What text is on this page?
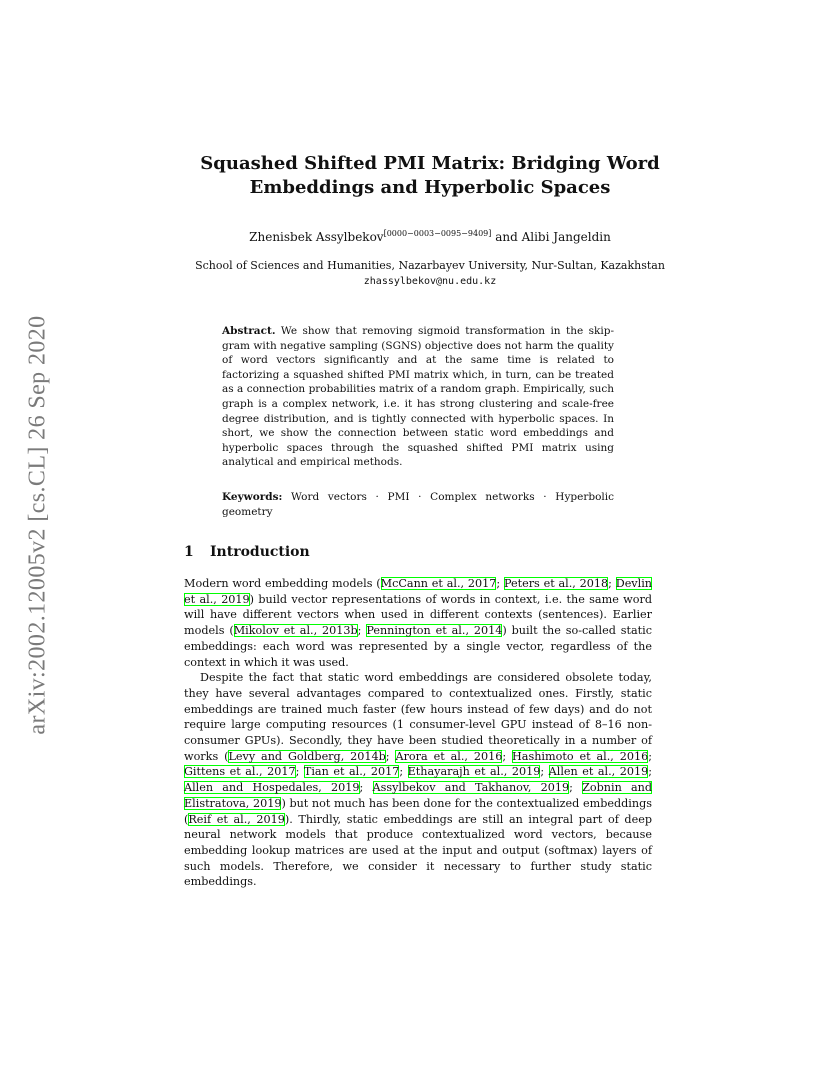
arXiv:2002.12005v2 [cs.CL] 26 Sep 2020
Squashed Shifted PMI Matrix: Bridging Word
Embeddings and Hyperbolic Spaces
Zhenisbek Assylbekov[0000−0003−0095−9409] and Alibi Jangeldin
School of Sciences and Humanities, Nazarbayev University, Nur-Sultan, Kazakhstan
zhassylbekov@nu.edu.kz
Abstract. We show that removing sigmoid transformation in the skip-gram with negative sampling (SGNS) objective does not harm the quality of word vectors significantly and at the same time is related to factorizing a squashed shifted PMI matrix which, in turn, can be treated as a connection probabilities matrix of a random graph. Empirically, such graph is a complex network, i.e. it has strong clustering and scale-free degree distribution, and is tightly connected with hyperbolic spaces. In short, we show the connection between static word embeddings and hyperbolic spaces through the squashed shifted PMI matrix using analytical and empirical methods.
Keywords: Word vectors · PMI · Complex networks · Hyperbolic geometry
1 Introduction

Modern word embedding models (McCann et al., 2017; Peters et al., 2018; Devlin et al., 2019) build vector representations of words in context, i.e. the same word will have different vectors when used in different contexts (sentences). Earlier models (Mikolov et al., 2013b; Pennington et al., 2014) built the so-called static embeddings: each word was represented by a single vector, regardless of the context in which it was used.

Despite the fact that static word embeddings are considered obsolete today, they have several advantages compared to contextualized ones. Firstly, static embeddings are trained much faster (few hours instead of few days) and do not require large computing resources (1 consumer-level GPU instead of 8–16 non-consumer GPUs). Secondly, they have been studied theoretically in a number of works (Levy and Goldberg, 2014b; Arora et al., 2016; Hashimoto et al., 2016; Gittens et al., 2017; Tian et al., 2017; Ethayarajh et al., 2019; Allen et al., 2019; Allen and Hospedales, 2019; Assylbekov and Takhanov, 2019; Zobnin and Elistratova, 2019) but not much has been done for the contextualized embeddings (Reif et al., 2019). Thirdly, static embeddings are still an integral part of deep neural network models that produce contextualized word vectors, because embedding lookup matrices are used at the input and output (softmax) layers of such models. Therefore, we consider it necessary to further study static embeddings.
